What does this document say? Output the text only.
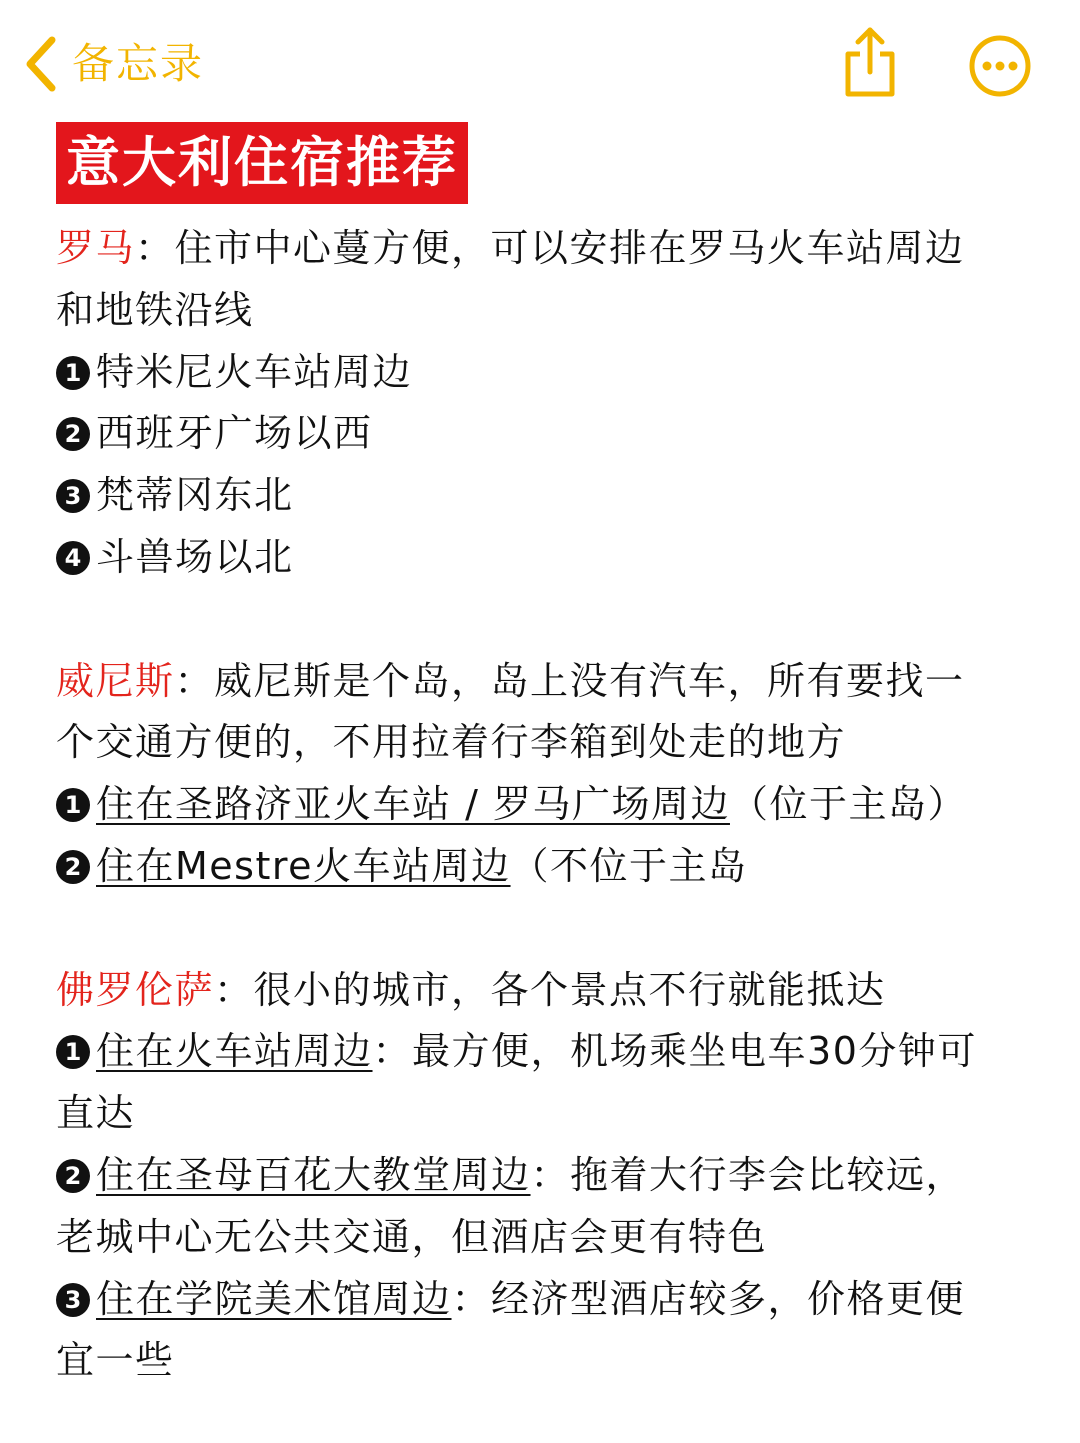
备忘录
意大利住宿推荐
罗马：住市中心蔓方便，可以安排在罗马火车站周边
和地铁沿线
1 特米尼火车站周边
2 西班牙广场以西
3 梵蒂冈东北
4 斗兽场以北
威尼斯：威尼斯是个岛，岛上没有汽车，所有要找一
个交通方便的，不用拉着行李箱到处走的地方
1 住在圣路济亚火车站 / 罗马广场周边（位于主岛）
2 住在Mestre火车站周边（不位于主岛
佛罗伦萨：很小的城市，各个景点不行就能抵达
1 住在火车站周边：最方便，机场乘坐电车30分钟可
直达
2 住在圣母百花大教堂周边：拖着大行李会比较远，
老城中心无公共交通，但酒店会更有特色
3 住在学院美术馆周边：经济型酒店较多，价格更便
宜一些
